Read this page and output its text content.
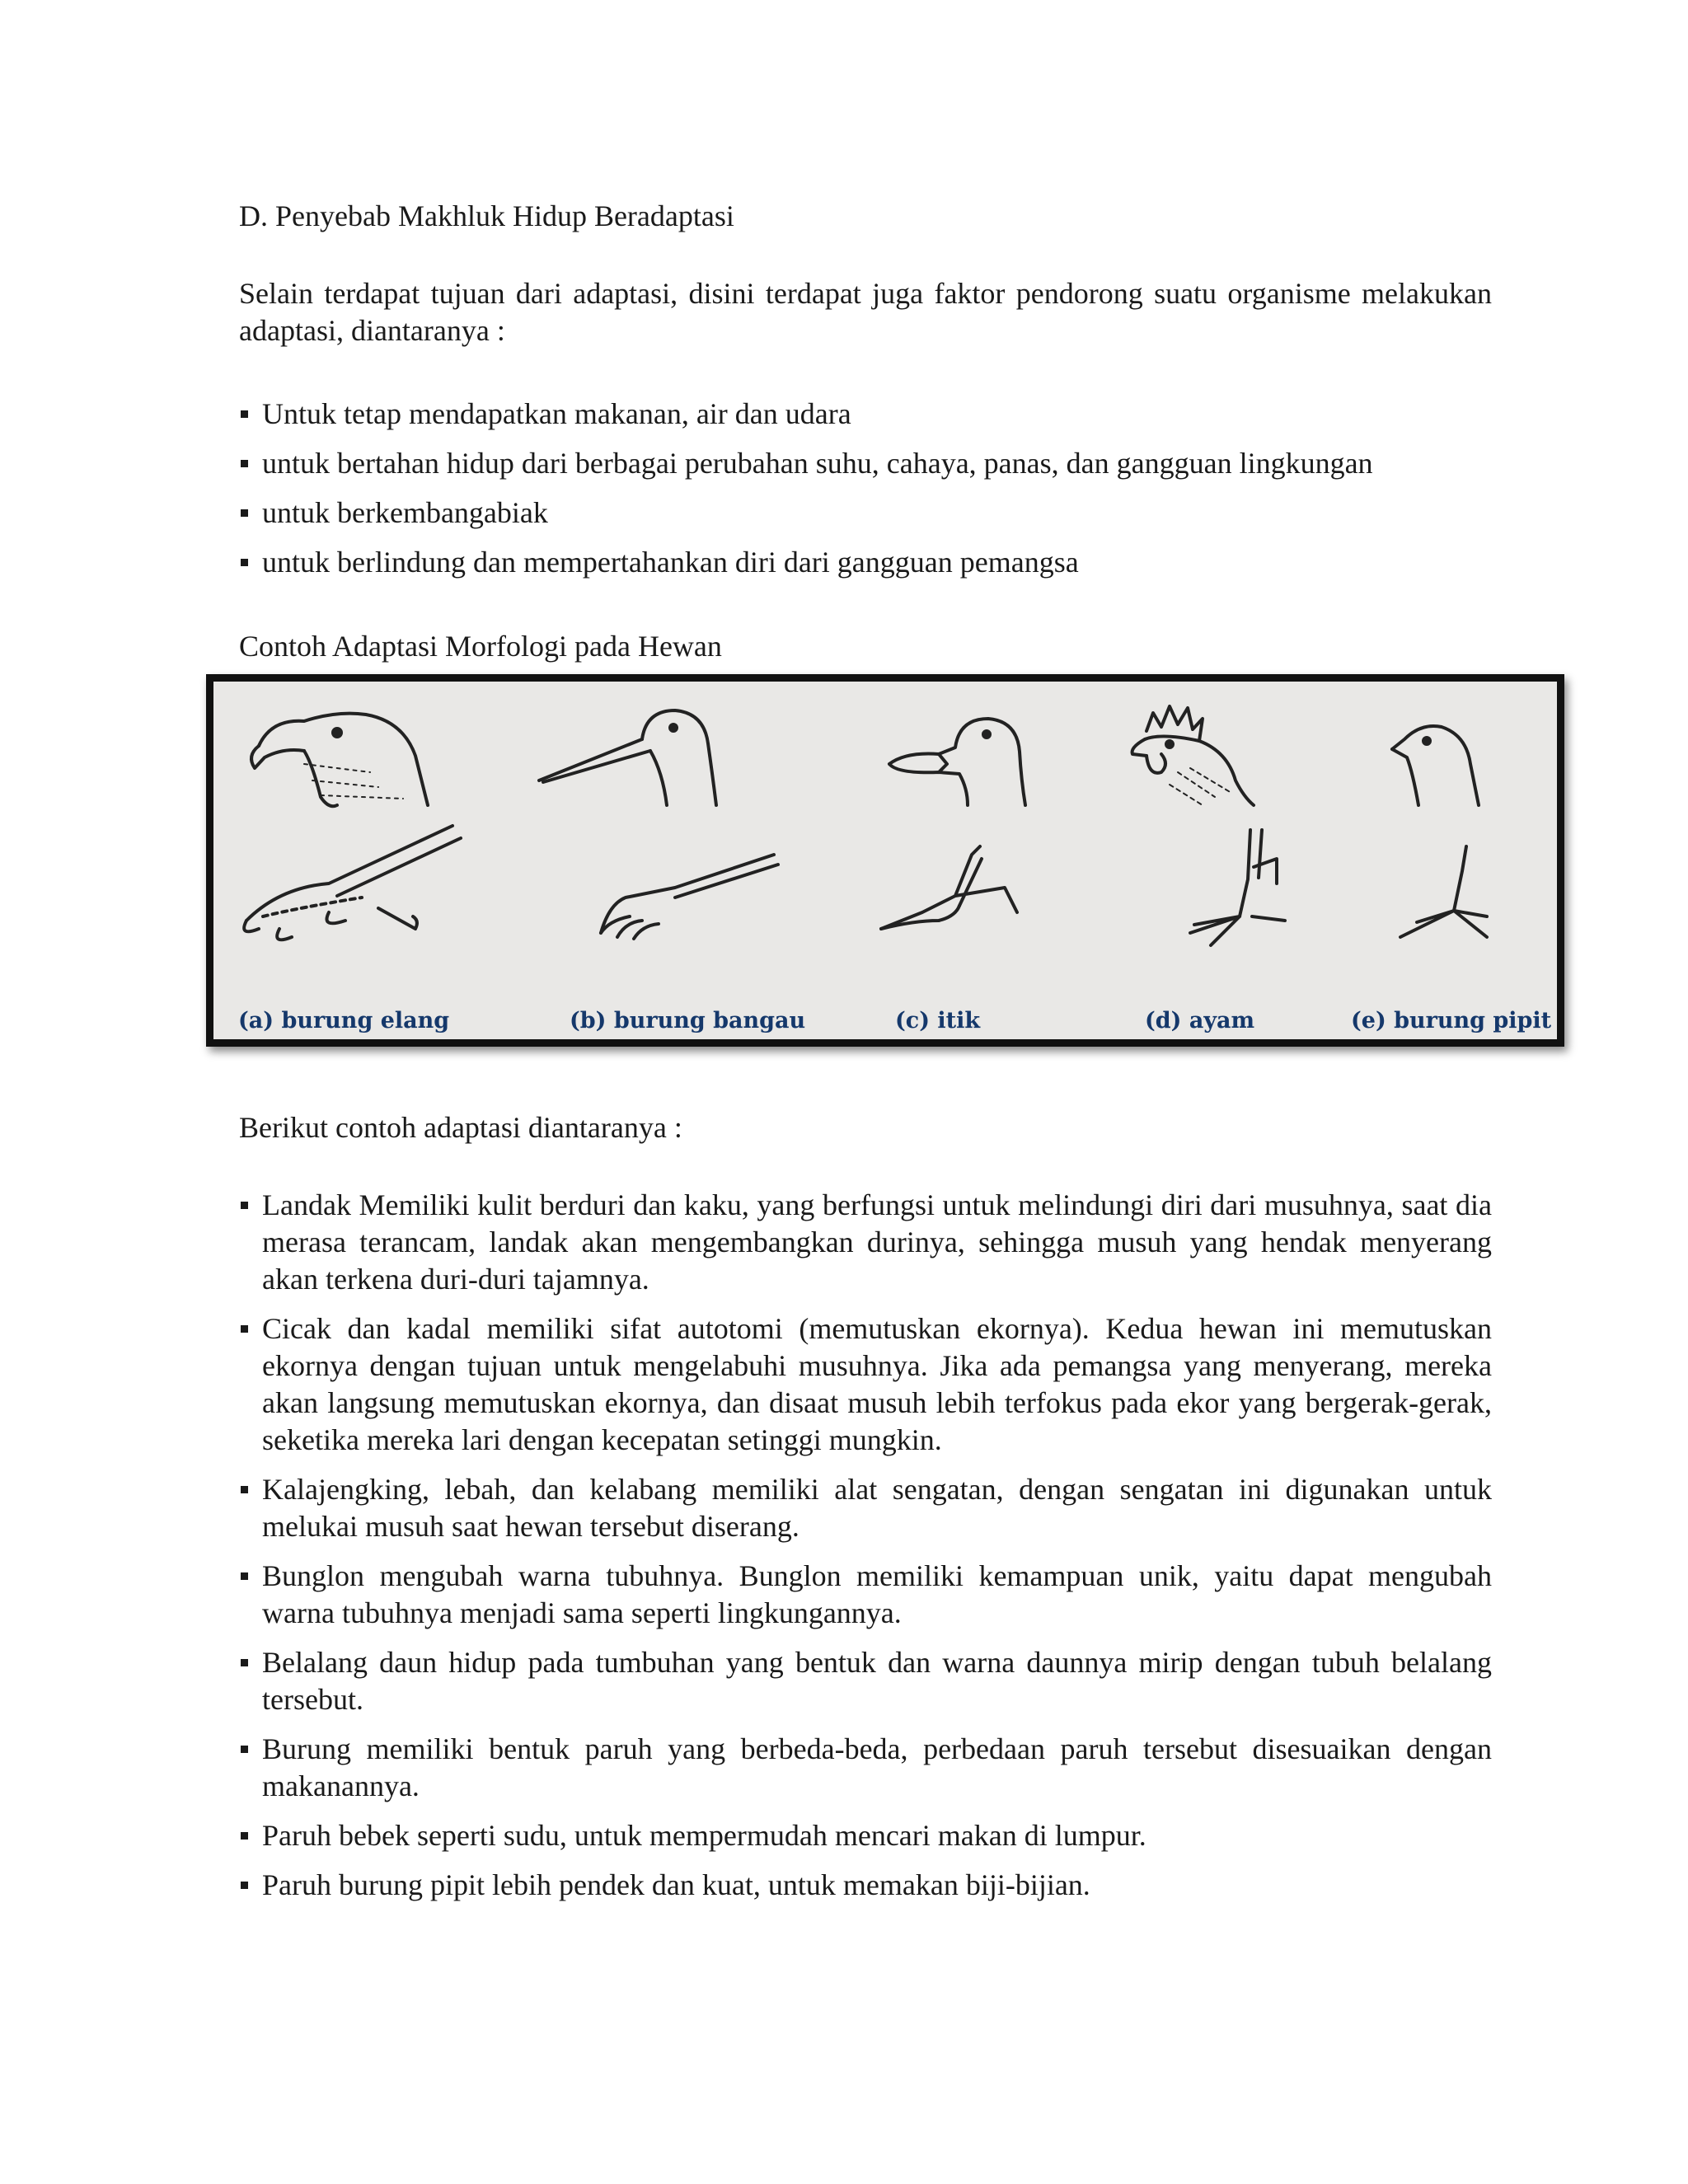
D. Penyebab Makhluk Hidup Beradaptasi
Selain terdapat tujuan dari adaptasi, disini terdapat juga faktor pendorong suatu organisme melakukan adaptasi, diantaranya :
Untuk tetap mendapatkan makanan, air dan udara
untuk bertahan hidup dari berbagai perubahan suhu, cahaya, panas, dan gangguan lingkungan
untuk berkembangabiak
untuk berlindung dan mempertahankan diri dari gangguan pemangsa
Contoh Adaptasi Morfologi pada Hewan
(a) burung elang	(b) burung bangau	(c) itik	(d) ayam	(e) burung pipit
Berikut contoh adaptasi diantaranya :
Landak Memiliki kulit berduri dan kaku, yang berfungsi untuk melindungi diri dari musuhnya, saat dia merasa terancam, landak akan mengembangkan durinya, sehingga musuh yang hendak menyerang akan terkena duri-duri tajamnya.
Cicak dan kadal memiliki sifat autotomi (memutuskan ekornya). Kedua hewan ini memutuskan ekornya dengan tujuan untuk mengelabuhi musuhnya. Jika ada pemangsa yang menyerang, mereka akan langsung memutuskan ekornya, dan disaat musuh lebih terfokus pada ekor yang bergerak-gerak, seketika mereka lari dengan kecepatan setinggi mungkin.
Kalajengking, lebah, dan kelabang memiliki alat sengatan, dengan sengatan ini digunakan untuk melukai musuh saat hewan tersebut diserang.
Bunglon mengubah warna tubuhnya. Bunglon memiliki kemampuan unik, yaitu dapat mengubah warna tubuhnya menjadi sama seperti lingkungannya.
Belalang daun hidup pada tumbuhan yang bentuk dan warna daunnya mirip dengan tubuh belalang tersebut.
Burung memiliki bentuk paruh yang berbeda-beda, perbedaan paruh tersebut disesuaikan dengan makanannya.
Paruh bebek seperti sudu, untuk mempermudah mencari makan di lumpur.
Paruh burung pipit lebih pendek dan kuat, untuk memakan biji-bijian.
